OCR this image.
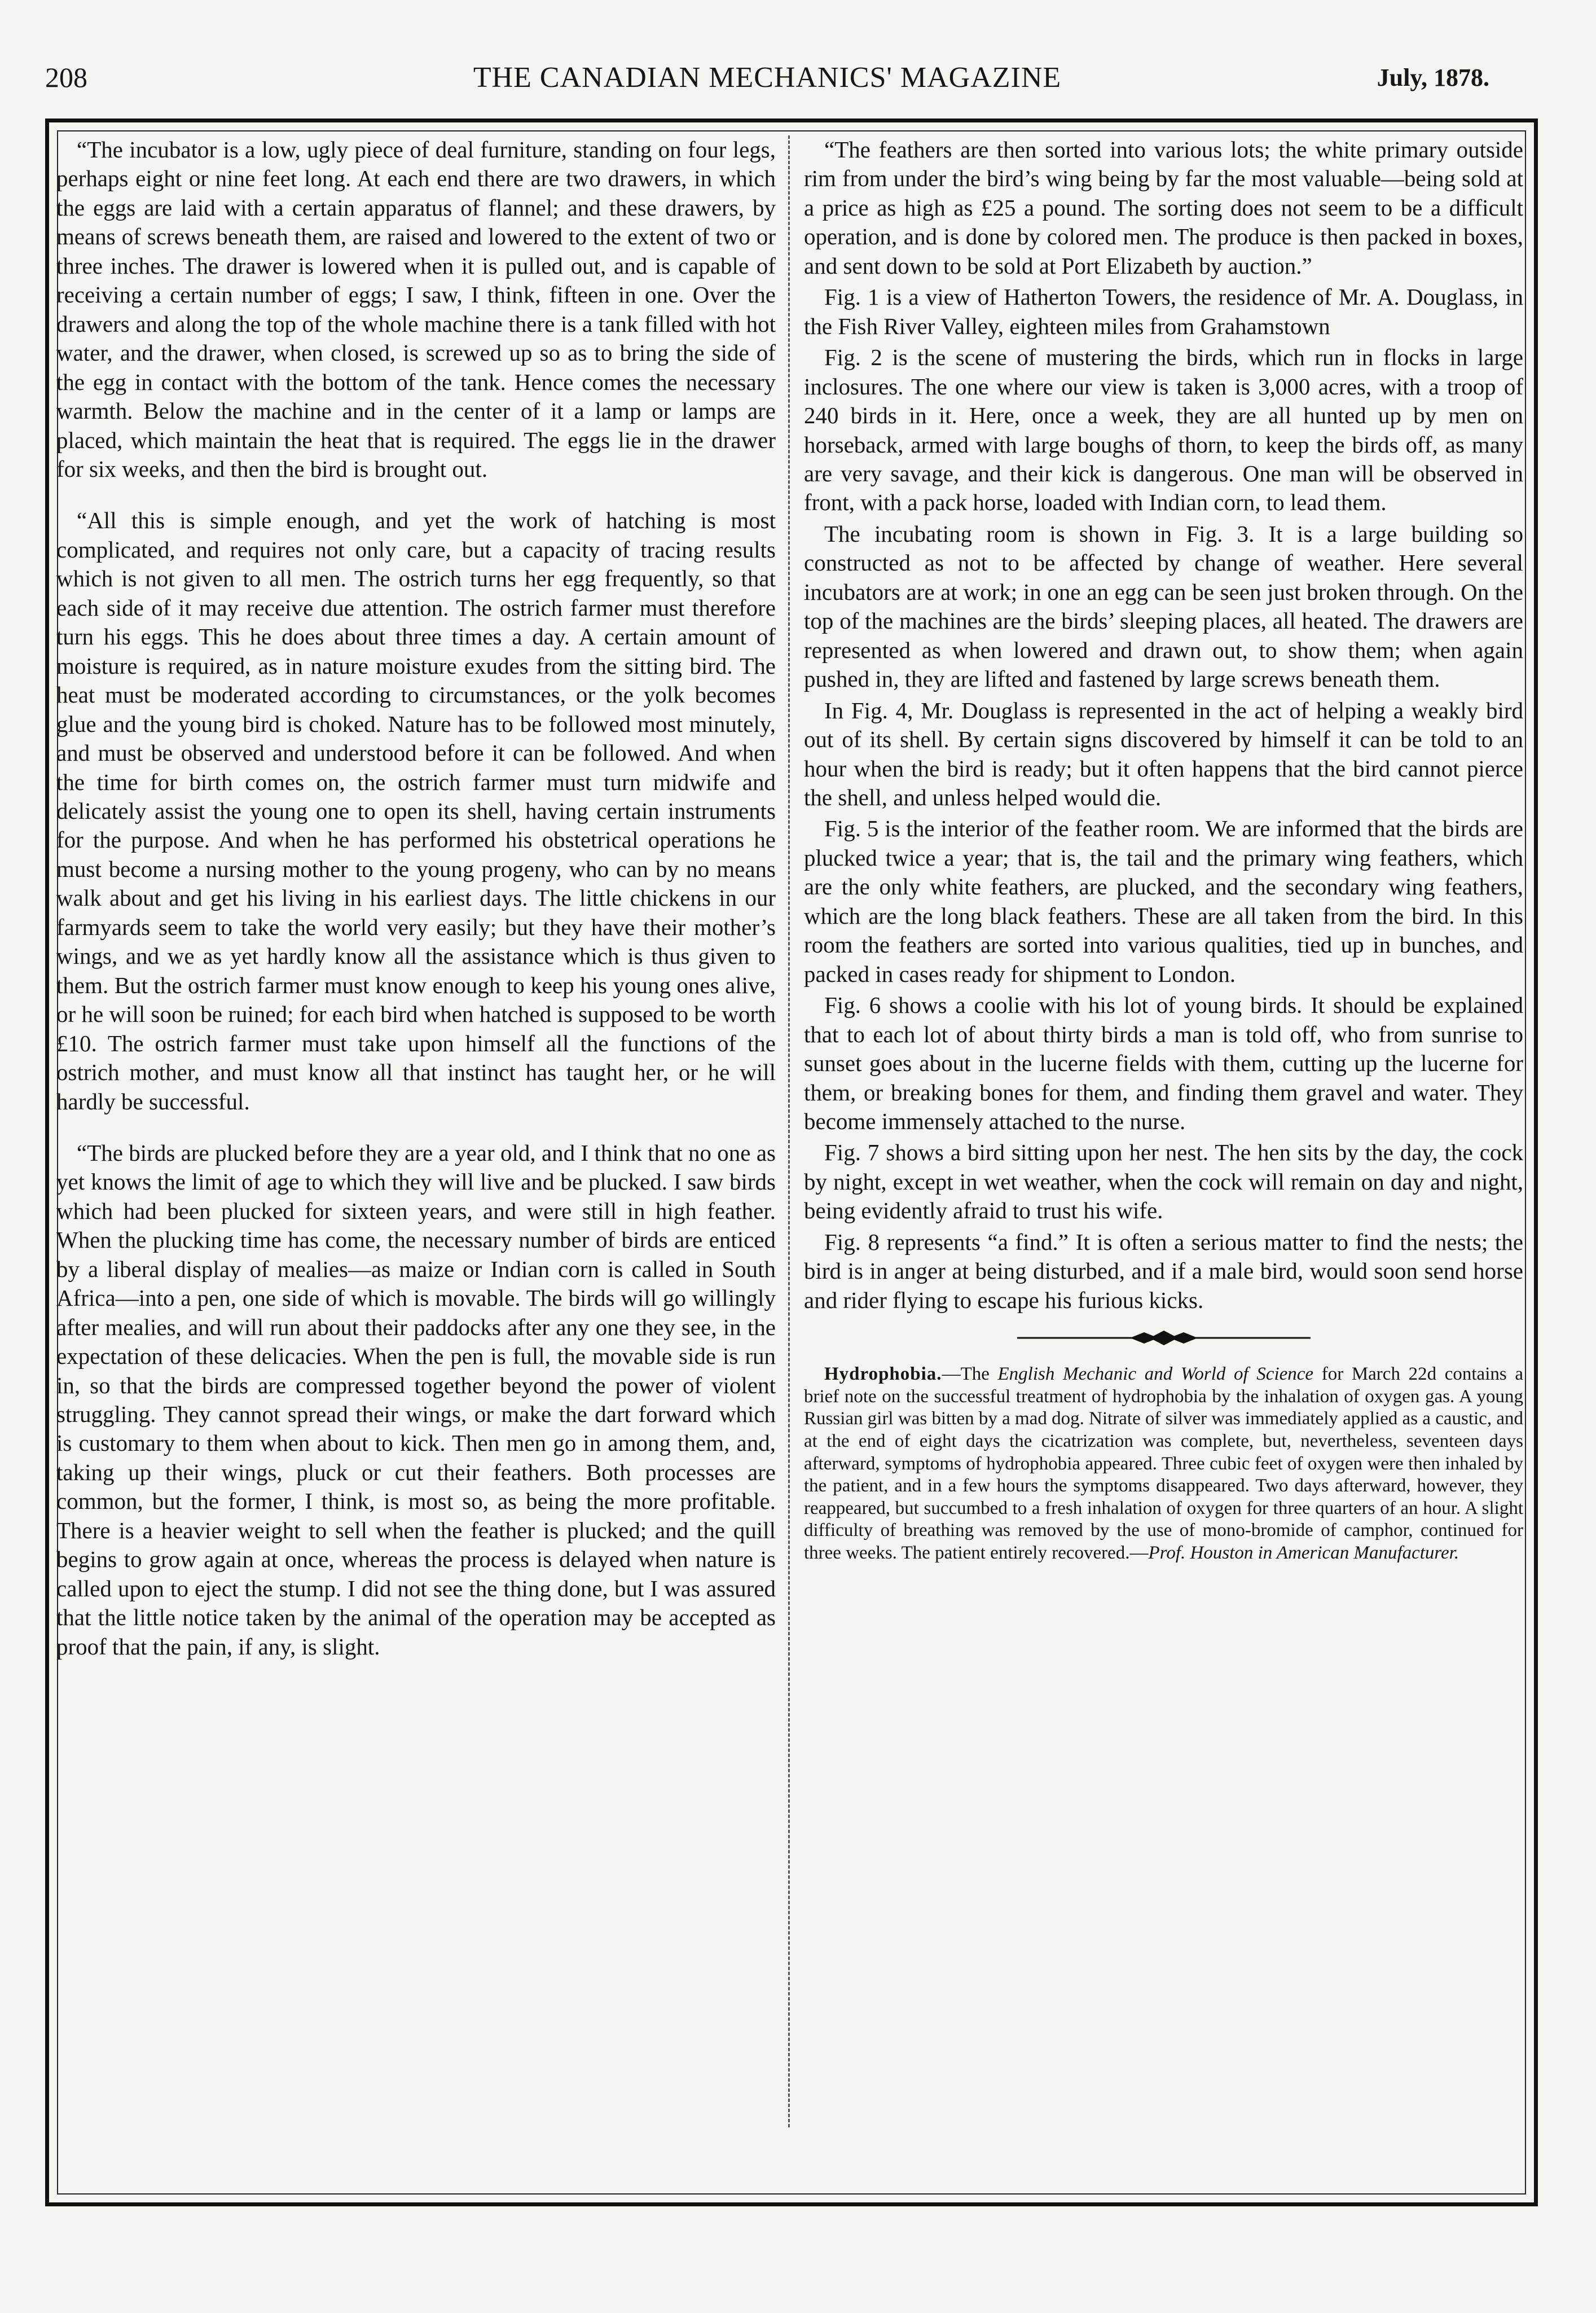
208	THE CANADIAN MECHANICS' MAGAZINE	July, 1878.

“The incubator is a low, ugly piece of deal furniture, standing on four legs, perhaps eight or nine feet long. At each end there are two drawers, in which the eggs are laid with a certain apparatus of flannel; and these drawers, by means of screws beneath them, are raised and lowered to the extent of two or three inches. The drawer is lowered when it is pulled out, and is capable of receiving a certain number of eggs; I saw, I think, fifteen in one. Over the drawers and along the top of the whole machine there is a tank filled with hot water, and the drawer, when closed, is screwed up so as to bring the side of the egg in contact with the bottom of the tank. Hence comes the necessary warmth. Below the machine and in the center of it a lamp or lamps are placed, which maintain the heat that is required. The eggs lie in the drawer for six weeks, and then the bird is brought out.

“All this is simple enough, and yet the work of hatching is most complicated, and requires not only care, but a capacity of tracing results which is not given to all men. The ostrich turns her egg frequently, so that each side of it may receive due attention. The ostrich farmer must therefore turn his eggs. This he does about three times a day. A certain amount of moisture is required, as in nature moisture exudes from the sitting bird. The heat must be moderated according to circumstances, or the yolk becomes glue and the young bird is choked. Nature has to be followed most minutely, and must be observed and understood before it can be followed. And when the time for birth comes on, the ostrich farmer must turn midwife and delicately assist the young one to open its shell, having certain instruments for the purpose. And when he has performed his obstetrical operations he must become a nursing mother to the young progeny, who can by no means walk about and get his living in his earliest days. The little chickens in our farmyards seem to take the world very easily; but they have their mother’s wings, and we as yet hardly know all the assistance which is thus given to them. But the ostrich farmer must know enough to keep his young ones alive, or he will soon be ruined; for each bird when hatched is supposed to be worth £10. The ostrich farmer must take upon himself all the functions of the ostrich mother, and must know all that instinct has taught her, or he will hardly be successful.

“The birds are plucked before they are a year old, and I think that no one as yet knows the limit of age to which they will live and be plucked. I saw birds which had been plucked for sixteen years, and were still in high feather. When the plucking time has come, the necessary number of birds are enticed by a liberal display of mealies—as maize or Indian corn is called in South Africa—into a pen, one side of which is movable. The birds will go willingly after mealies, and will run about their paddocks after any one they see, in the expectation of these delicacies. When the pen is full, the movable side is run in, so that the birds are compressed together beyond the power of violent struggling. They cannot spread their wings, or make the dart forward which is customary to them when about to kick. Then men go in among them, and, taking up their wings, pluck or cut their feathers. Both processes are common, but the former, I think, is most so, as being the more profitable. There is a heavier weight to sell when the feather is plucked; and the quill begins to grow again at once, whereas the process is delayed when nature is called upon to eject the stump. I did not see the thing done, but I was assured that the little notice taken by the animal of the operation may be accepted as proof that the pain, if any, is slight.

“The feathers are then sorted into various lots; the white primary outside rim from under the bird’s wing being by far the most valuable—being sold at a price as high as £25 a pound. The sorting does not seem to be a difficult operation, and is done by colored men. The produce is then packed in boxes, and sent down to be sold at Port Elizabeth by auction.”

Fig. 1 is a view of Hatherton Towers, the residence of Mr. A. Douglass, in the Fish River Valley, eighteen miles from Grahamstown

Fig. 2 is the scene of mustering the birds, which run in flocks in large inclosures. The one where our view is taken is 3,000 acres, with a troop of 240 birds in it. Here, once a week, they are all hunted up by men on horseback, armed with large boughs of thorn, to keep the birds off, as many are very savage, and their kick is dangerous. One man will be observed in front, with a pack horse, loaded with Indian corn, to lead them.

The incubating room is shown in Fig. 3. It is a large building so constructed as not to be affected by change of weather. Here several incubators are at work; in one an egg can be seen just broken through. On the top of the machines are the birds’ sleeping places, all heated. The drawers are represented as when lowered and drawn out, to show them; when again pushed in, they are lifted and fastened by large screws beneath them.

In Fig. 4, Mr. Douglass is represented in the act of helping a weakly bird out of its shell. By certain signs discovered by himself it can be told to an hour when the bird is ready; but it often happens that the bird cannot pierce the shell, and unless helped would die.

Fig. 5 is the interior of the feather room. We are informed that the birds are plucked twice a year; that is, the tail and the primary wing feathers, which are the only white feathers, are plucked, and the secondary wing feathers, which are the long black feathers. These are all taken from the bird. In this room the feathers are sorted into various qualities, tied up in bunches, and packed in cases ready for shipment to London.

Fig. 6 shows a coolie with his lot of young birds. It should be explained that to each lot of about thirty birds a man is told off, who from sunrise to sunset goes about in the lucerne fields with them, cutting up the lucerne for them, or breaking bones for them, and finding them gravel and water. They become immensely attached to the nurse.

Fig. 7 shows a bird sitting upon her nest. The hen sits by the day, the cock by night, except in wet weather, when the cock will remain on day and night, being evidently afraid to trust his wife.

Fig. 8 represents “a find.” It is often a serious matter to find the nests; the bird is in anger at being disturbed, and if a male bird, would soon send horse and rider flying to escape his furious kicks.

Hydrophobia.—The English Mechanic and World of Science for March 22d contains a brief note on the successful treatment of hydrophobia by the inhalation of oxygen gas. A young Russian girl was bitten by a mad dog. Nitrate of silver was immediately applied as a caustic, and at the end of eight days the cicatrization was complete, but, nevertheless, seventeen days afterward, symptoms of hydrophobia appeared. Three cubic feet of oxygen were then inhaled by the patient, and in a few hours the symptoms disappeared. Two days afterward, however, they reappeared, but succumbed to a fresh inhalation of oxygen for three quarters of an hour. A slight difficulty of breathing was removed by the use of mono-bromide of camphor, continued for three weeks. The patient entirely recovered.—Prof. Houston in American Manufacturer.
